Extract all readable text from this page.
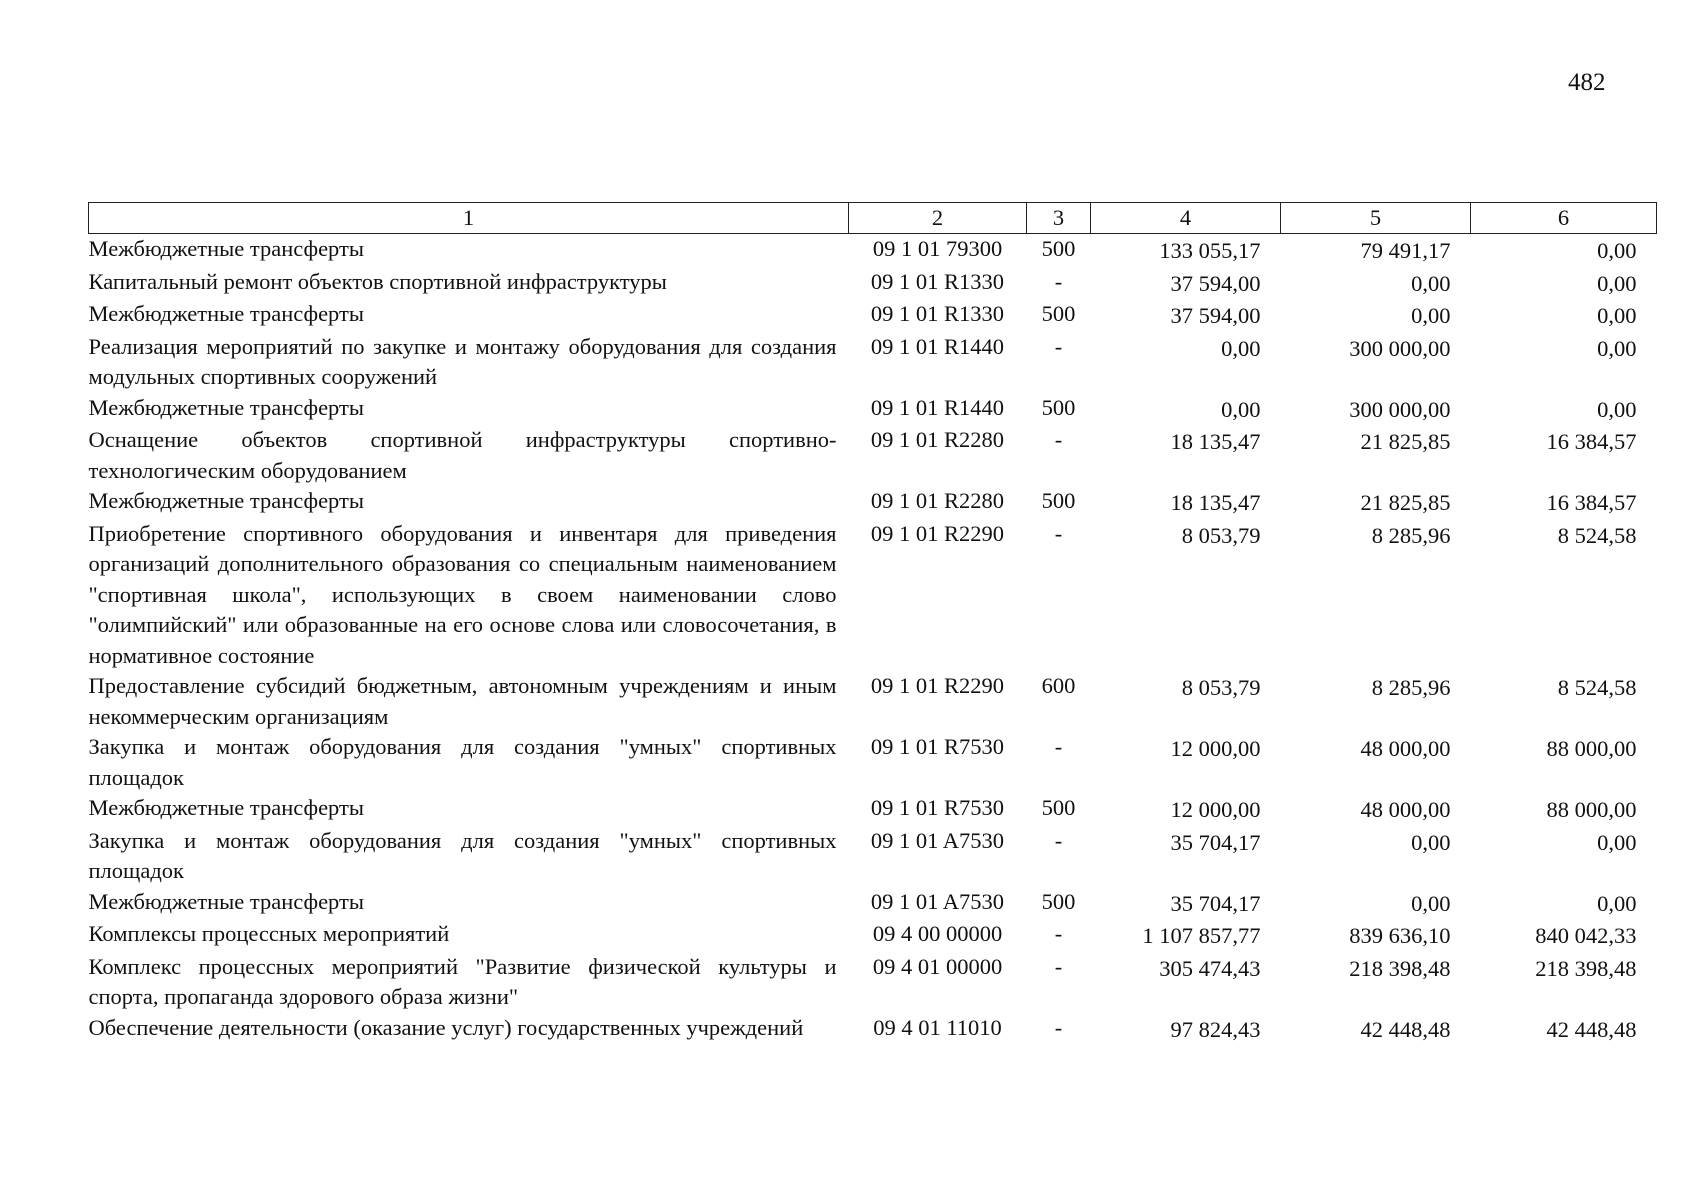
482
1	2	3	4	5	6
Межбюджетные трансферты	09 1 01 79300	500	133 055,17	79 491,17	0,00
Капитальный ремонт объектов спортивной инфраструктуры	09 1 01 R1330	-	37 594,00	0,00	0,00
Межбюджетные трансферты	09 1 01 R1330	500	37 594,00	0,00	0,00
Реализация мероприятий по закупке и монтажу оборудования для создания модульных спортивных сооружений	09 1 01 R1440	-	0,00	300 000,00	0,00
Межбюджетные трансферты	09 1 01 R1440	500	0,00	300 000,00	0,00
Оснащение объектов спортивной инфраструктуры спортивно-технологическим оборудованием	09 1 01 R2280	-	18 135,47	21 825,85	16 384,57
Межбюджетные трансферты	09 1 01 R2280	500	18 135,47	21 825,85	16 384,57
Приобретение спортивного оборудования и инвентаря для приведения организаций дополнительного образования со специальным наименованием "спортивная школа", использующих в своем наименовании слово "олимпийский" или образованные на его основе слова или словосочетания, в нормативное состояние	09 1 01 R2290	-	8 053,79	8 285,96	8 524,58
Предоставление субсидий бюджетным, автономным учреждениям и иным некоммерческим организациям	09 1 01 R2290	600	8 053,79	8 285,96	8 524,58
Закупка и монтаж оборудования для создания "умных" спортивных площадок	09 1 01 R7530	-	12 000,00	48 000,00	88 000,00
Межбюджетные трансферты	09 1 01 R7530	500	12 000,00	48 000,00	88 000,00
Закупка и монтаж оборудования для создания "умных" спортивных площадок	09 1 01 A7530	-	35 704,17	0,00	0,00
Межбюджетные трансферты	09 1 01 A7530	500	35 704,17	0,00	0,00
Комплексы процессных мероприятий	09 4 00 00000	-	1 107 857,77	839 636,10	840 042,33
Комплекс процессных мероприятий "Развитие физической культуры и спорта, пропаганда здорового образа жизни"	09 4 01 00000	-	305 474,43	218 398,48	218 398,48
Обеспечение деятельности (оказание услуг) государственных учреждений	09 4 01 11010	-	97 824,43	42 448,48	42 448,48
